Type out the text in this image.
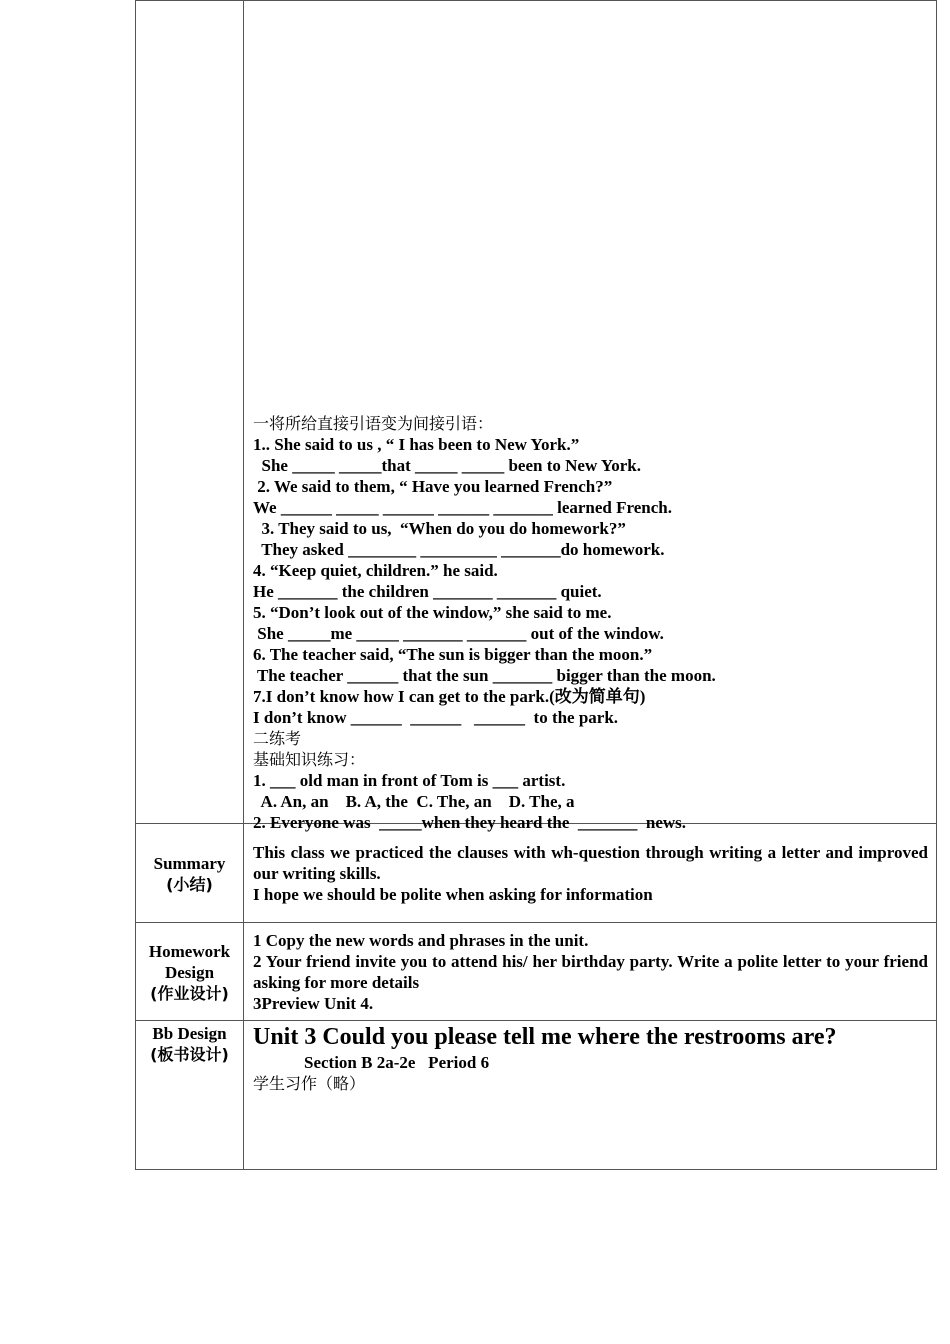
一将所给直接引语变为间接引语：
1.. She said to us , “ I has been to New York.”
She _____ _____that _____ _____ been to New York.
2. We said to them, “ Have you learned French?”
We ______ _____ ______ ______ _______ learned French.
3. They said to us,  “When do you do homework?”
They asked ________ _________ _______do homework.
4. “Keep quiet, children.” he said.
He _______ the children _______ _______ quiet.
5. “Don’t look out of the window,” she said to me.
She _____me _____ _______ _______ out of the window.
6. The teacher said, “The sun is bigger than the moon.”
The teacher ______ that the sun _______ bigger than the moon.
7.I don’t know how I can get to the park.(改为简单句)
I don’t know ______  ______   ______  to the park.
二练考
基础知识练习：
1. ___ old man in front of Tom is ___ artist.
A. An, an    B. A, the  C. The, an    D. The, a
2. Everyone was  _____when they heard the  _______  news.
Summary
(小结)
This class we practiced the clauses with wh-question through writing a letter and improved our writing skills.
I hope we should be polite when asking for information
Homework
Design
(作业设计)
1 Copy the new words and phrases in the unit.
2 Your friend invite you to attend his/ her birthday party. Write a polite letter to your friend asking for more details
3Preview Unit 4.
Bb Design
(板书设计)
Unit 3 Could you please tell me where the restrooms are?
Section B 2a-2e   Period 6
学生习作（略）
